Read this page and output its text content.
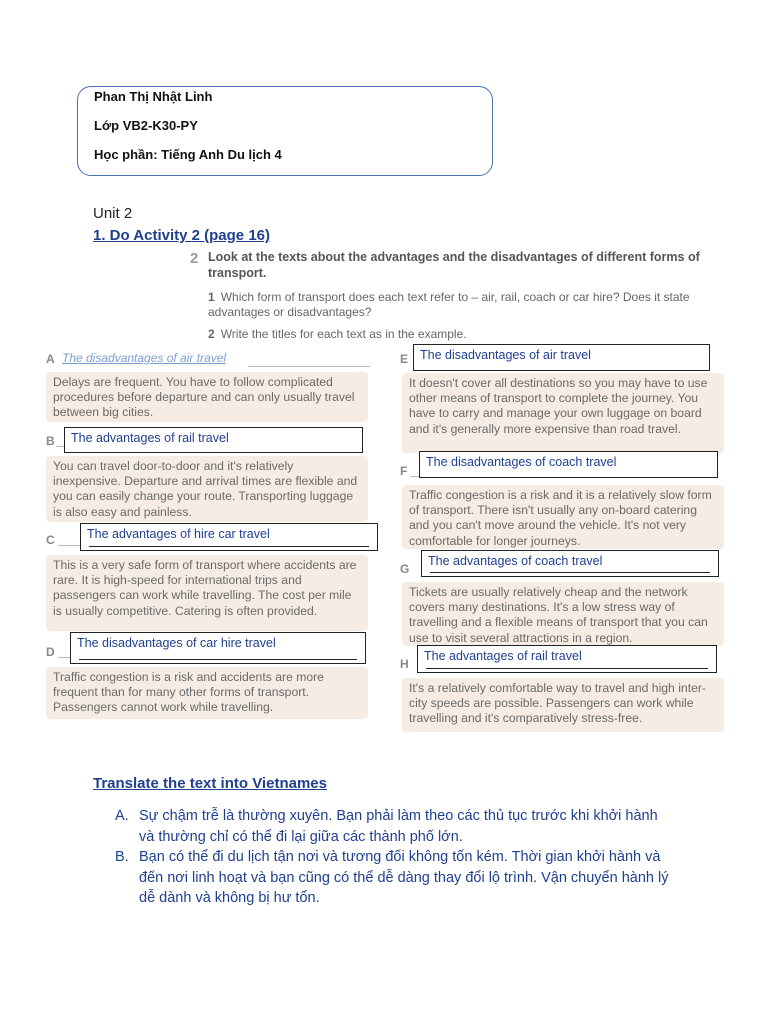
Phan Thị Nhật Linh
Lớp VB2-K30-PY
Học phần: Tiếng Anh Du lịch 4
Unit 2
1. Do Activity 2 (page 16)
2 Look at the texts about the advantages and the disadvantages of different forms of transport.
1 Which form of transport does each text refer to – air, rail, coach or car hire? Does it state advantages or disadvantages?
2 Write the titles for each text as in the example.
A The disadvantages of air travel
Delays are frequent. You have to follow complicated procedures before departure and can only usually travel between big cities.
B	The advantages of rail travel
You can travel door-to-door and it's relatively inexpensive. Departure and arrival times are flexible and you can easily change your route. Transporting luggage is also easy and painless.
C	The advantages of hire car travel
This is a very safe form of transport where accidents are rare. It is high-speed for international trips and passengers can work while travelling. The cost per mile is usually competitive. Catering is often provided.
D
The disadvantages of car hire travel
Traffic congestion is a risk and accidents are more frequent than for many other forms of transport. Passengers cannot work while travelling.
E The disadvantages of air travel
It doesn't cover all destinations so you may have to use other means of transport to complete the journey. You have to carry and manage your own luggage on board and it's generally more expensive than road travel.
F
The disadvantages of coach travel
Traffic congestion is a risk and it is a relatively slow form of transport. There isn't usually any on-board catering and you can't move around the vehicle. It's not very comfortable for longer journeys.
G
The advantages of coach travel
Tickets are usually relatively cheap and the network covers many destinations. It's a low stress way of travelling and a flexible means of transport that you can use to visit several attractions in a region.
H
The advantages of rail travel
It's a relatively comfortable way to travel and high inter-city speeds are possible. Passengers can work while travelling and it's comparatively stress-free.
Translate the text into Vietnames
A. Sự chậm trễ là thường xuyên. Bạn phải làm theo các thủ tục trước khi khởi hành và thường chỉ có thể đi lại giữa các thành phố lớn.
B. Bạn có thể đi du lịch tận nơi và tương đối không tốn kém. Thời gian khởi hành và đến nơi linh hoạt và bạn cũng có thể dễ dàng thay đổi lộ trình. Vận chuyển hành lý dễ dành và không bị hư tổn.
